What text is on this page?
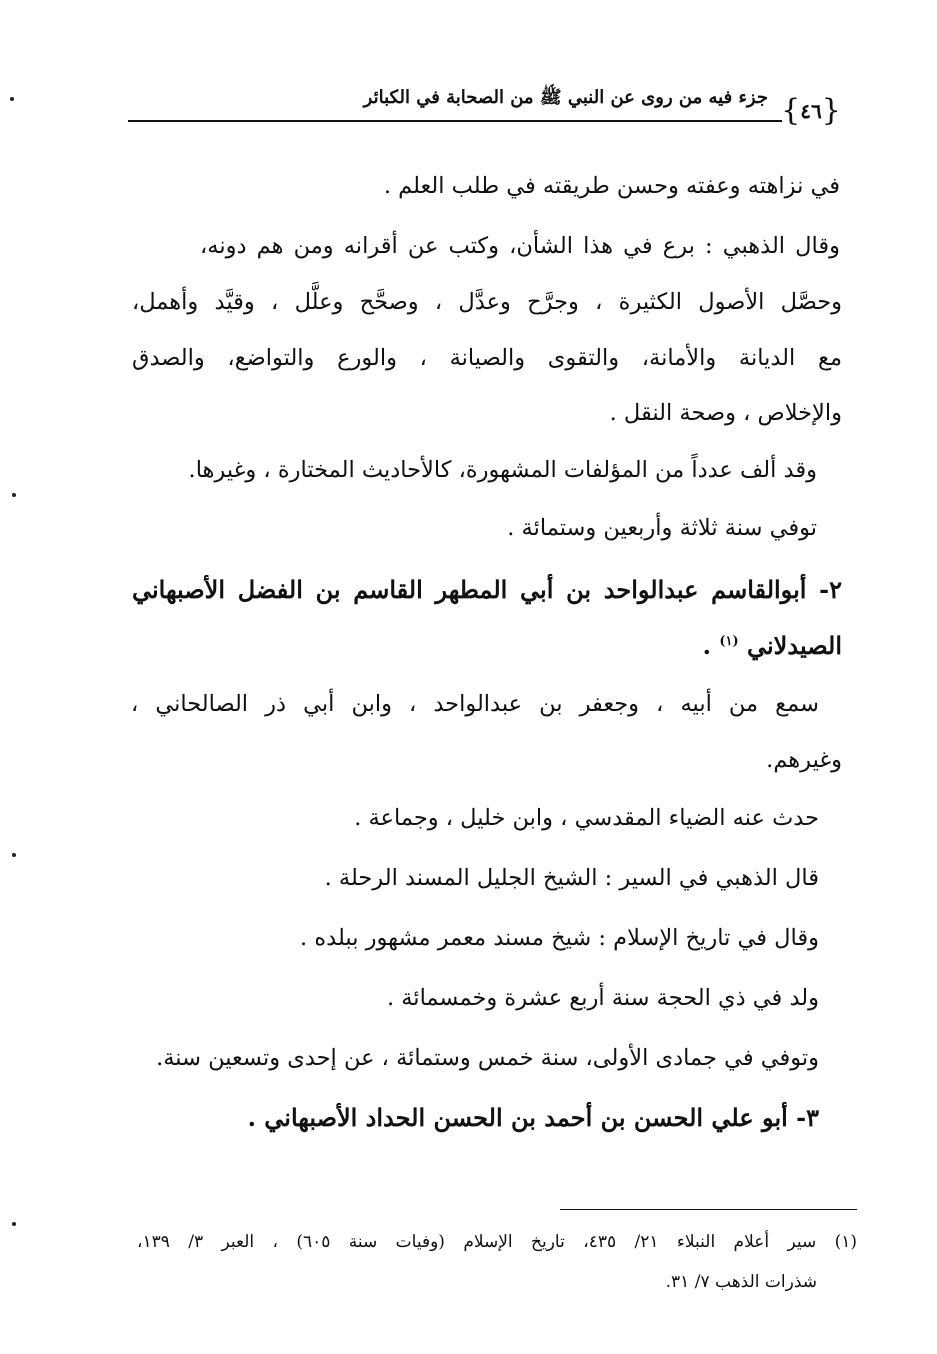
جزء فيه من روى عن النبي ﷺ من الصحابة في الكبائر { ٤٦ }
في نزاهته وعفته وحسن طريقته في طلب العلم .
وقال الذهبي : برع في هذا الشأن، وكتب عن أقرانه ومن هم دونه،
وحصَّل الأصول الكثيرة ، وجرَّح وعدَّل ، وصحَّح وعلَّل ، وقيَّد وأهمل،
مع الديانة والأمانة، والتقوى والصيانة ، والورع والتواضع، والصدق
والإخلاص ، وصحة النقل .
وقد ألف عدداً من المؤلفات المشهورة، كالأحاديث المختارة ، وغيرها.
توفي سنة ثلاثة وأربعين وستمائة .
٢- أبوالقاسم عبدالواحد بن أبي المطهر القاسم بن الفضل الأصبهاني
الصيدلاني $^{(١)}$ .
سمع من أبيه ، وجعفر بن عبدالواحد ، وابن أبي ذر الصالحاني ،
وغيرهم.
حدث عنه الضياء المقدسي ، وابن خليل ، وجماعة .
قال الذهبي في السير : الشيخ الجليل المسند الرحلة .
وقال في تاريخ الإسلام : شيخ مسند معمر مشهور ببلده .
ولد في ذي الحجة سنة أربع عشرة وخمسمائة .
وتوفي في جمادى الأولى، سنة خمس وستمائة ، عن إحدى وتسعين سنة.
٣- أبو علي الحسن بن أحمد بن الحسن الحداد الأصبهاني .
(١) سير أعلام النبلاء ٢١/ ٤٣٥، تاريخ الإسلام (وفيات سنة ٦٠٥) ، العبر ٣/ ١٣٩،
شذرات الذهب ٧/ ٣١.
